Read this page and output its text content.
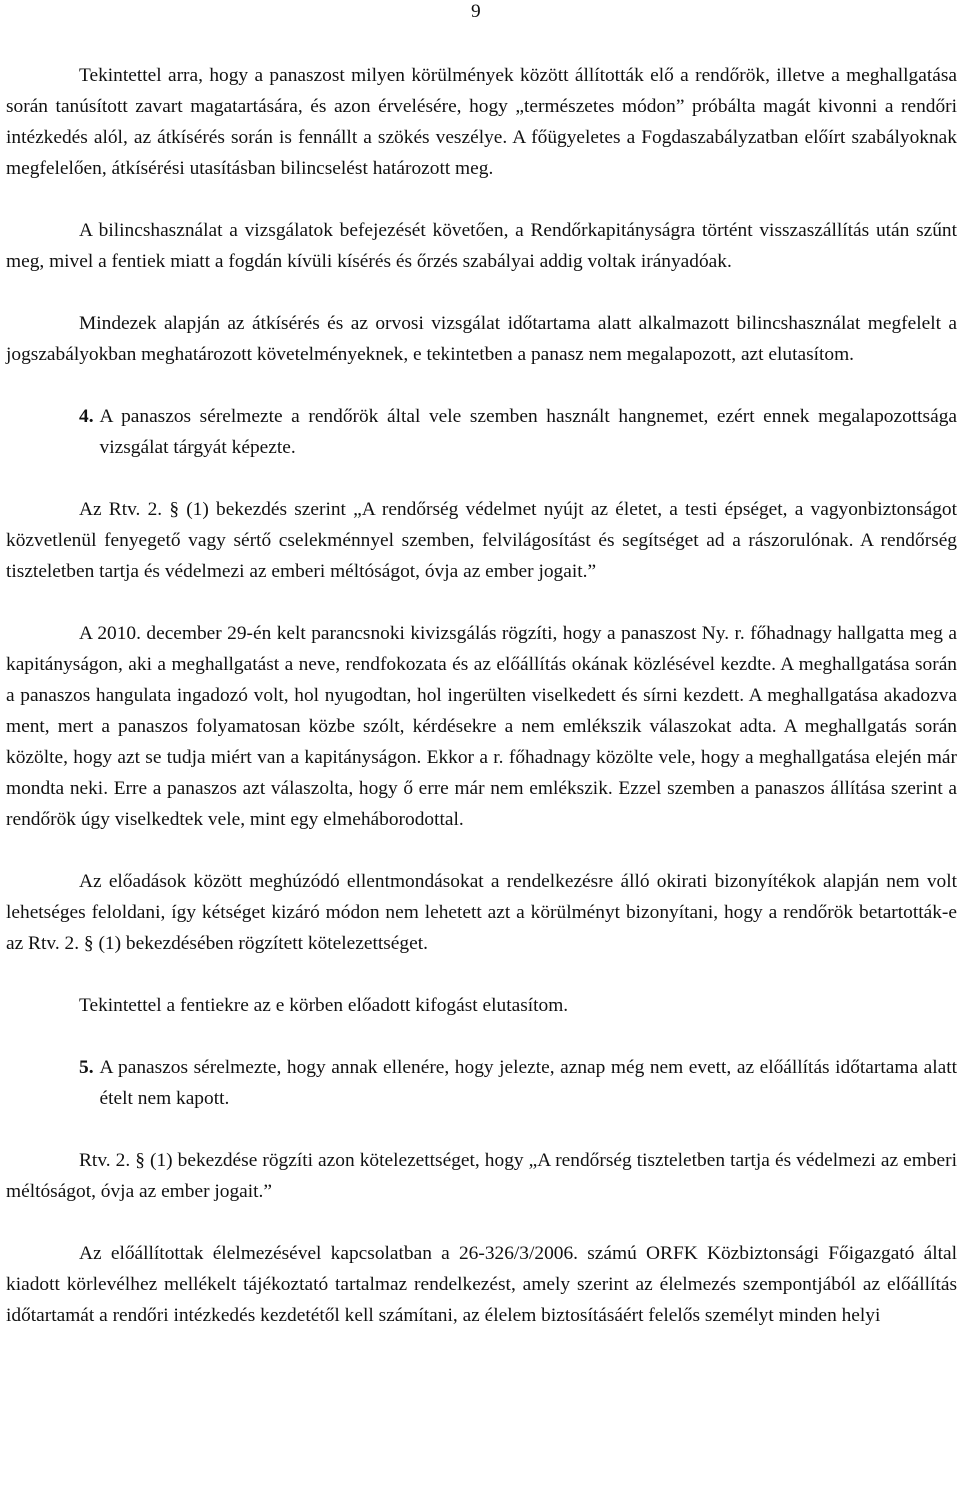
9

Tekintettel arra, hogy a panaszost milyen körülmények között állították elő a rendőrök, illetve a meghallgatása során tanúsított zavart magatartására, és azon érvelésére, hogy „természetes módon” próbálta magát kivonni a rendőri intézkedés alól, az átkísérés során is fennállt a szökés veszélye. A főügyeletes a Fogdaszabályzatban előírt szabályoknak megfelelően, átkísérési utasításban bilincselést határozott meg.

A bilincshasználat a vizsgálatok befejezését követően, a Rendőrkapitányságra történt visszaszállítás után szűnt meg, mivel a fentiek miatt a fogdán kívüli kísérés és őrzés szabályai addig voltak irányadóak.

Mindezek alapján az átkísérés és az orvosi vizsgálat időtartama alatt alkalmazott bilincshasználat megfelelt a jogszabályokban meghatározott követelményeknek, e tekintetben a panasz nem megalapozott, azt elutasítom.

4. A panaszos sérelmezte a rendőrök által vele szemben használt hangnemet, ezért ennek megalapozottsága vizsgálat tárgyát képezte.

Az Rtv. 2. § (1) bekezdés szerint „A rendőrség védelmet nyújt az életet, a testi épséget, a vagyonbiztonságot közvetlenül fenyegető vagy sértő cselekménnyel szemben, felvilágosítást és segítséget ad a rászorulónak. A rendőrség tiszteletben tartja és védelmezi az emberi méltóságot, óvja az ember jogait.”

A 2010. december 29-én kelt parancsnoki kivizsgálás rögzíti, hogy a panaszost Ny. r. főhadnagy hallgatta meg a kapitányságon, aki a meghallgatást a neve, rendfokozata és az előállítás okának közlésével kezdte. A meghallgatása során a panaszos hangulata ingadozó volt, hol nyugodtan, hol ingerülten viselkedett és sírni kezdett. A meghallgatása akadozva ment, mert a panaszos folyamatosan közbe szólt, kérdésekre a nem emlékszik válaszokat adta. A meghallgatás során közölte, hogy azt se tudja miért van a kapitányságon. Ekkor a r. főhadnagy közölte vele, hogy a meghallgatása elején már mondta neki. Erre a panaszos azt válaszolta, hogy ő erre már nem emlékszik. Ezzel szemben a panaszos állítása szerint a rendőrök úgy viselkedtek vele, mint egy elmeháborodottal.

Az előadások között meghúzódó ellentmondásokat a rendelkezésre álló okirati bizonyítékok alapján nem volt lehetséges feloldani, így kétséget kizáró módon nem lehetett azt a körülményt bizonyítani, hogy a rendőrök betartották-e az Rtv. 2. § (1) bekezdésében rögzített kötelezettséget.

Tekintettel a fentiekre az e körben előadott kifogást elutasítom.

5. A panaszos sérelmezte, hogy annak ellenére, hogy jelezte, aznap még nem evett, az előállítás időtartama alatt ételt nem kapott.

Rtv. 2. § (1) bekezdése rögzíti azon kötelezettséget, hogy „A rendőrség tiszteletben tartja és védelmezi az emberi méltóságot, óvja az ember jogait.”

Az előállítottak élelmezésével kapcsolatban a 26-326/3/2006. számú ORFK Közbiztonsági Főigazgató által kiadott körlevélhez mellékelt tájékoztató tartalmaz rendelkezést, amely szerint az élelmezés szempontjából az előállítás időtartamát a rendőri intézkedés kezdetétől kell számítani, az élelem biztosításáért felelős személyt minden helyi
